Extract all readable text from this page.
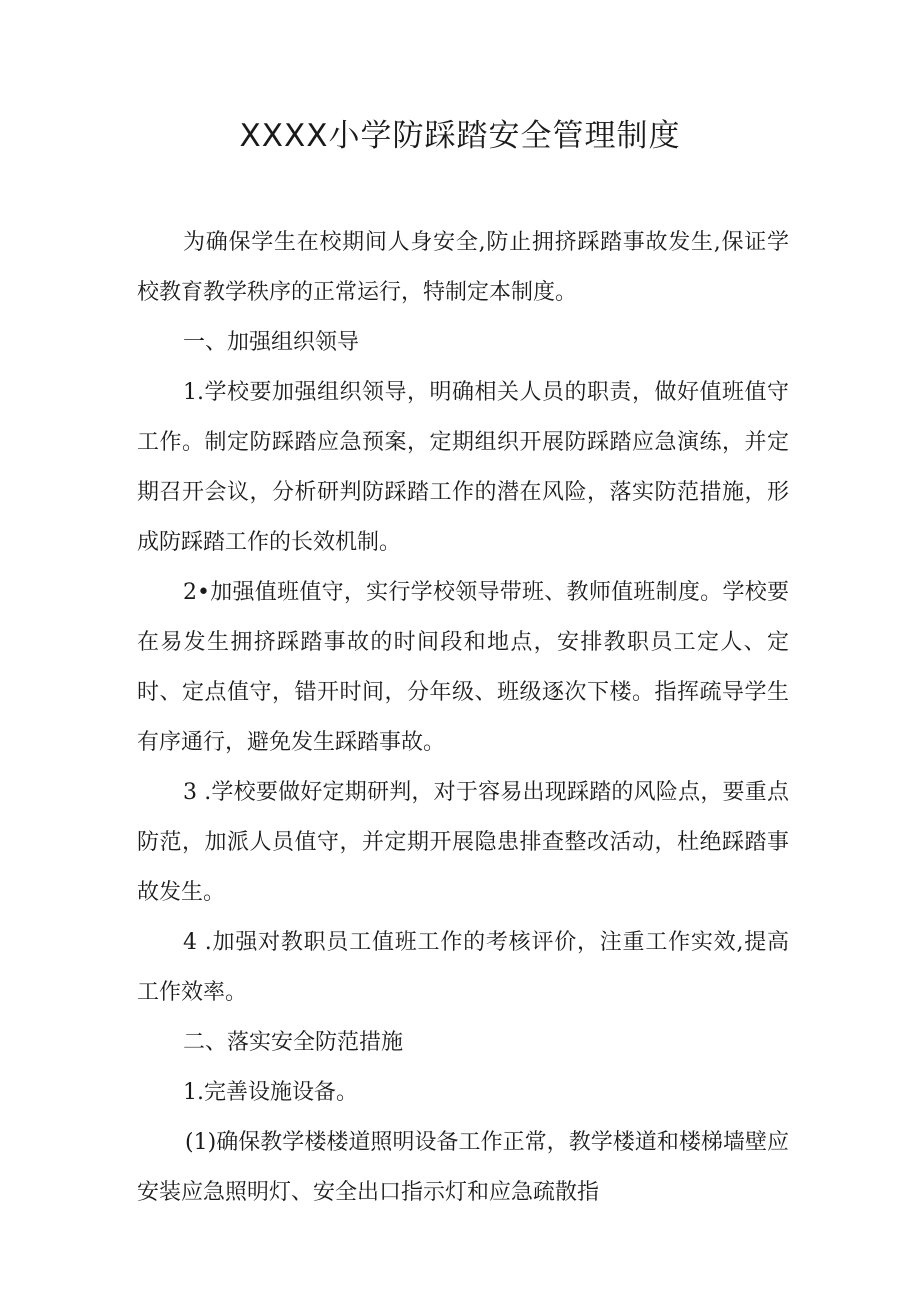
XXXX小学防踩踏安全管理制度

为确保学生在校期间人身安全,防止拥挤踩踏事故发生,保证学校教育教学秩序的正常运行，特制定本制度。

一、加强组织领导

1.学校要加强组织领导，明确相关人员的职责，做好值班值守工作。制定防踩踏应急预案，定期组织开展防踩踏应急演练，并定期召开会议，分析研判防踩踏工作的潜在风险，落实防范措施，形成防踩踏工作的长效机制。

2•加强值班值守，实行学校领导带班、教师值班制度。学校要在易发生拥挤踩踏事故的时间段和地点，安排教职员工定人、定时、定点值守，错开时间，分年级、班级逐次下楼。指挥疏导学生有序通行，避免发生踩踏事故。

3 .学校要做好定期研判，对于容易出现踩踏的风险点，要重点防范，加派人员值守，并定期开展隐患排查整改活动，杜绝踩踏事故发生。

4 .加强对教职员工值班工作的考核评价，注重工作实效,提高工作效率。

二、落实安全防范措施

1.完善设施设备。

(1)确保教学楼楼道照明设备工作正常，教学楼道和楼梯墙壁应安装应急照明灯、安全出口指示灯和应急疏散指
